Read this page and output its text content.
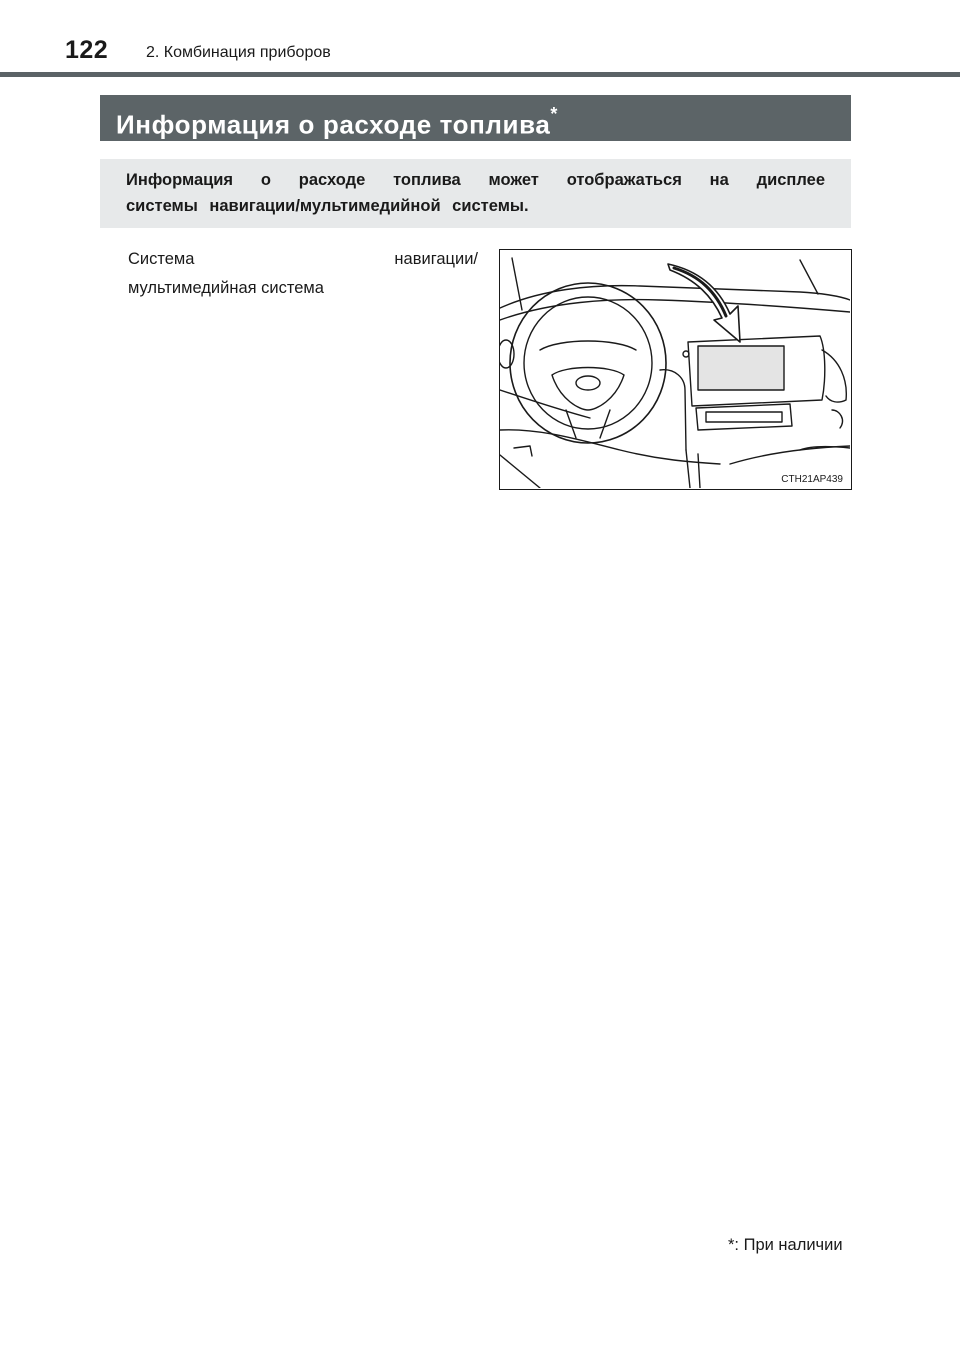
122 2. Комбинация приборов
Информация о расходе топлива*
Информация о расходе топлива может отображаться на дисплее
системы навигации/мультимедийной системы.
Система навигации/
мультимедийная система
CTH21AP439
*: При наличии
